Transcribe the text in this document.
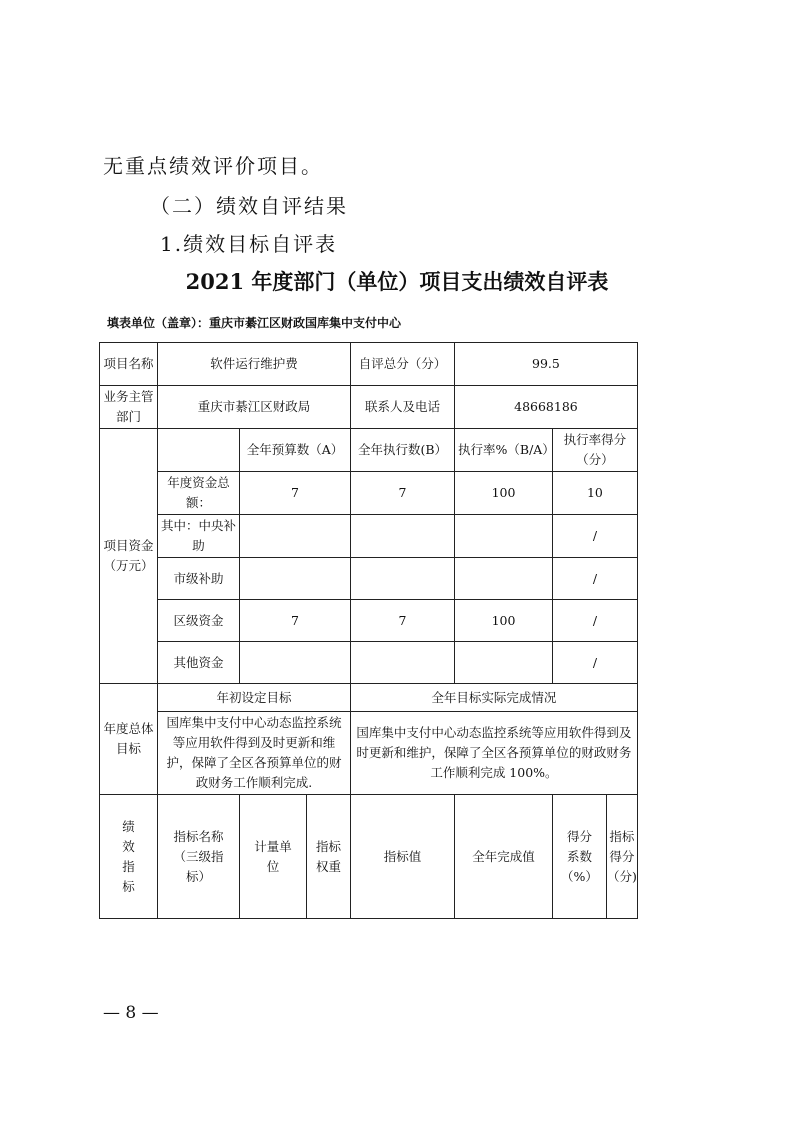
无重点绩效评价项目。

（二）绩效自评结果

1.绩效目标自评表

2021 年度部门（单位）项目支出绩效自评表

填表单位（盖章）：重庆市綦江区财政国库集中支付中心

项目名称	软件运行维护费			自评总分（分）	99.5		
业务主管部门	重庆市綦江区财政局			联系人及电话	48668186		
项目资金（万元）		全年预算数（A）		全年执行数(B）	执行率%（B/A）	执行率得分（分）	
	年度资金总额：	7		7	100	10	
	其中：中央补助					/	
	市级补助					/	
	区级资金	7		7	100	/	
	其他资金					/	
年度总体目标	年初设定目标			全年目标实际完成情况			
	国库集中支付中心动态监控系统等应用软件得到及时更新和维护，保障了全区各预算单位的财政财务工作顺利完成.			国库集中支付中心动态监控系统等应用软件得到及时更新和维护，保障了全区各预算单位的财政财务工作顺利完成 100%。			
绩效指标	指标名称（三级指标）	计量单位	指标权重	指标值	全年完成值	得分系数（%）	指标得分（分)

— 8 —
